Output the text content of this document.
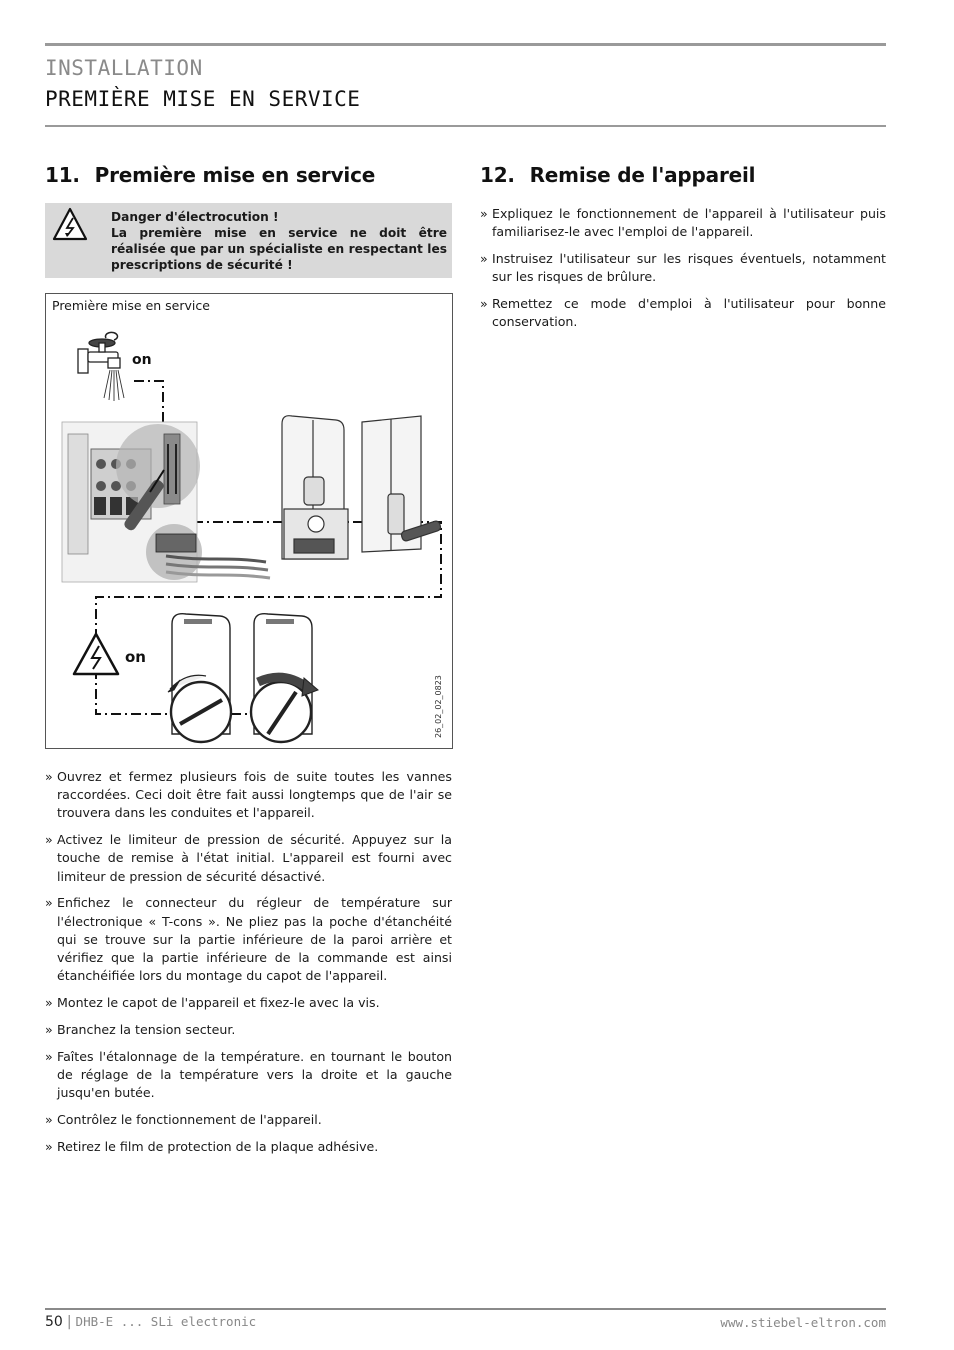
INSTALLATION
PREMIÈRE MISE EN SERVICE
11. Première mise en service
Danger d'électrocution !
La première mise en service ne doit être réalisée que par un spécialiste en respectant les prescriptions de sécurité !
Première mise en service
on
on
26_02_02_0823
» Ouvrez et fermez plusieurs fois de suite toutes les vannes raccordées. Ceci doit être fait aussi longtemps que de l'air se trouvera dans les conduites et l'appareil.
» Activez le limiteur de pression de sécurité. Appuyez sur la touche de remise à l'état initial. L'appareil est fourni avec limiteur de pression de sécurité désactivé.
» Enfichez le connecteur du régleur de température sur l'électronique « T-cons ». Ne pliez pas la poche d'étanchéité qui se trouve sur la partie inférieure de la paroi arrière et vérifiez que la partie inférieure de la commande est ainsi étanchéifiée lors du montage du capot de l'appareil.
» Montez le capot de l'appareil et fixez-le avec la vis.
» Branchez la tension secteur.
» Faîtes l'étalonnage de la température. en tournant le bouton de réglage de la température vers la droite et la gauche jusqu'en butée.
» Contrôlez le fonctionnement de l'appareil.
» Retirez le film de protection de la plaque adhésive.
12. Remise de l'appareil
» Expliquez le fonctionnement de l'appareil à l'utilisateur puis familiarisez-le avec l'emploi de l'appareil.
» Instruisez l'utilisateur sur les risques éventuels, notamment sur les risques de brûlure.
» Remettez ce mode d'emploi à l'utilisateur pour bonne conservation.
50 | DHB-E ... SLi electronic	www.stiebel-eltron.com
